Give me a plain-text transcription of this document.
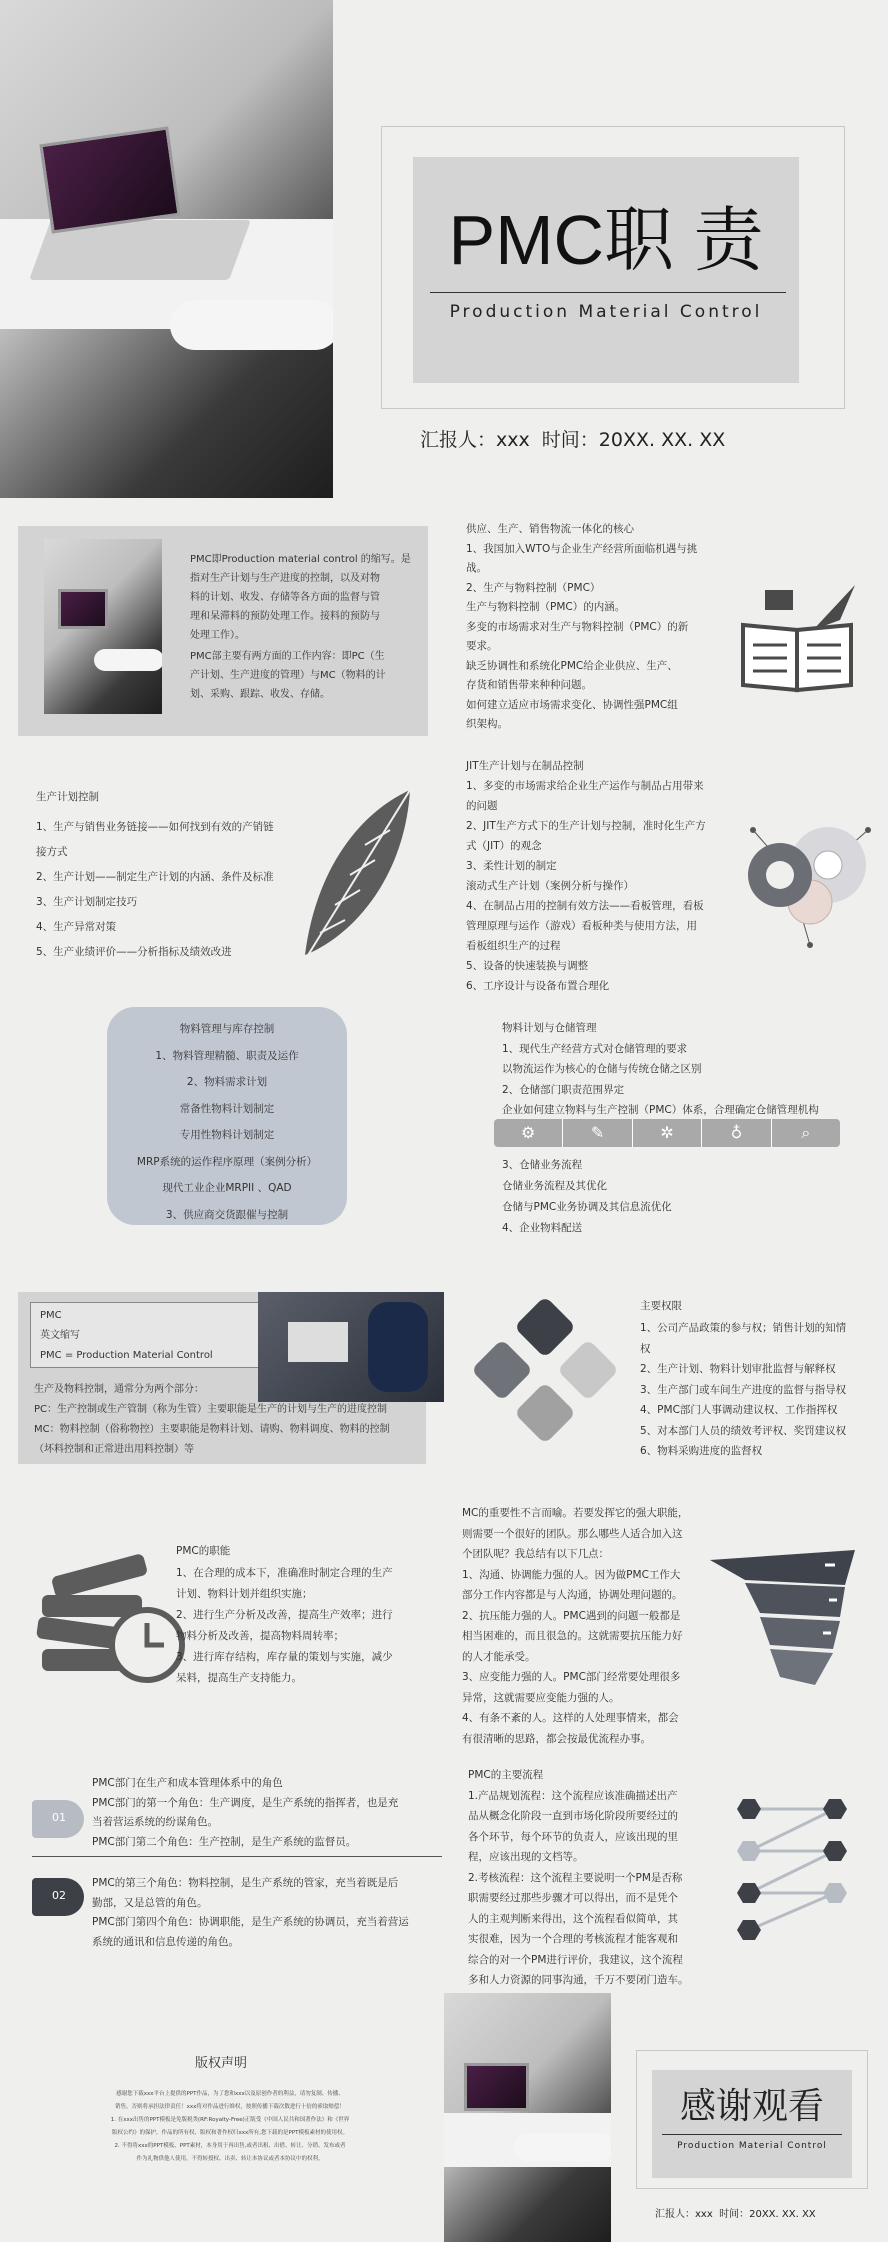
PMC职 责
Production Material Control
汇报人：xxx  时间：20XX. XX. XX

PMC即Production material control 的缩写。是

指对生产计划与生产进度的控制，以及对物

料的计划、收发、存储等各方面的监督与管

理和呆滞料的预防处理工作。接料的预防与

处理工作）。

PMC部主要有两方面的工作内容：即PC（生

产计划、生产进度的管理）与MC（物料的计

划、采购、跟踪、收发、存储。

供应、生产、销售物流一体化的核心

1、我国加入WTO与企业生产经营所面临机遇与挑

战。

2、生产与物料控制（PMC）

生产与物料控制（PMC）的内涵。

多变的市场需求对生产与物料控制（PMC）的新

要求。

缺乏协调性和系统化PMC给企业供应、生产、

存货和销售带来种种问题。

如何建立适应市场需求变化、协调性强PMC组

织架构。

生产计划控制

1、生产与销售业务链接——如何找到有效的产销链

接方式

2、生产计划——制定生产计划的内涵、条件及标准

3、生产计划制定技巧

4、生产异常对策

5、生产业绩评价——分析指标及绩效改进

JIT生产计划与在制品控制

1、多变的市场需求给企业生产运作与制品占用带来

的问题

2、JIT生产方式下的生产计划与控制，准时化生产方

式（JIT）的观念

3、柔性计划的制定

滚动式生产计划（案例分析与操作）

4、在制品占用的控制有效方法——看板管理，看板

管理原理与运作（游戏）看板种类与使用方法，用

看板组织生产的过程

5、设备的快速装换与调整

6、工序设计与设备布置合理化

物料管理与库存控制

1、物料管理精髓、职责及运作

2、物料需求计划

常备性物料计划制定

专用性物料计划制定

MRP系统的运作程序原理（案例分析）

现代工业企业MRPII 、QAD

3、供应商交货跟催与控制

物料计划与仓储管理

1、现代生产经营方式对仓储管理的要求

以物流运作为核心的仓储与传统仓储之区别

2、仓储部门职责范围界定

企业如何建立物料与生产控制（PMC）体系，合理确定仓储管理机构

⚙	✎	✲	♁	⌕

3、仓储业务流程

仓储业务流程及其优化

仓储与PMC业务协调及其信息流优化

4、企业物料配送

PMC

英文缩写

PMC = Production Material Control

生产及物料控制，通常分为两个部分：

PC：生产控制或生产管制（称为生管）主要职能是生产的计划与生产的进度控制

MC：物料控制（俗称物控）主要职能是物料计划、请购、物料调度、物料的控制

（坏料控制和正常进出用料控制）等

主要权限

1、公司产品政策的参与权；销售计划的知情

权

2、生产计划、物料计划审批监督与解释权

3、生产部门或车间生产进度的监督与指导权

4、PMC部门人事调动建议权、工作指挥权

5、对本部门人员的绩效考评权、奖罚建议权

6、物料采购进度的监督权

PMC的职能

1、在合理的成本下，准确准时制定合理的生产

计划、物料计划并组织实施；

2、进行生产分析及改善，提高生产效率；进行

物料分析及改善，提高物料周转率；

3、进行库存结构，库存量的策划与实施，减少

呆料，提高生产支持能力。

MC的重要性不言而喻。若要发挥它的强大职能，

则需要一个很好的团队。那么哪些人适合加入这

个团队呢？我总结有以下几点：

1、沟通、协调能力强的人。因为做PMC工作大

部分工作内容都是与人沟通，协调处理问题的。

2、抗压能力强的人。PMC遇到的问题一般都是

相当困难的，而且很急的。这就需要抗压能力好

的人才能承受。

3、应变能力强的人。PMC部门经常要处理很多

异常，这就需要应变能力强的人。

4、有条不紊的人。这样的人处理事情来，都会

有很清晰的思路，都会按最优流程办事。

01

PMC部门在生产和成本管理体系中的角色

PMC部门的第一个角色：生产调度，是生产系统的指挥者，也是充

当着营运系统的纷谋角色。

PMC部门第二个角色：生产控制，是生产系统的监督员。

02

PMC的第三个角色：物料控制，是生产系统的管家，充当着既是后

勤部，又是总管的角色。

PMC部门第四个角色：协调职能，是生产系统的协调员，充当着营运

系统的通讯和信息传递的角色。

PMC的主要流程

1.产品规划流程：这个流程应该准确描述出产

品从概念化阶段一直到市场化阶段所要经过的

各个环节，每个环节的负责人，应该出现的里

程，应该出现的文档等。

2.考核流程：这个流程主要说明一个PM是否称

职需要经过那些步骤才可以得出，而不是凭个

人的主观判断来得出，这个流程看似简单，其

实很难，因为一个合理的考核流程才能客观和

综合的对一个PM进行评价，我建议，这个流程

多和人力资源的同事沟通，千万不要闭门造车。

版权声明

感谢您下载xxx平台上提供的PPT作品，为了您和xxx以及原创作者的利益，请勿复制、传播、

销售，否则将承担法律责任！xxx将对作品进行维权，按照传播下载次数进行十倍的索取赔偿！

1. 在xxx出售的PPT模板是免版税类(RF:Royalty-Free)正版受《中国人民共和国著作法》和《世界

版权公约》的保护，作品的所有权、版权和著作权归xxx所有,您下载的是PPT模板素材的使用权。

2. 不得将xxx的PPT模板、PPT素材，本身用于再出售,或者出租、出借、转让、分销、发布或者

作为礼物供他人使用，不得转授权、出卖、转让本协议或者本协议中的权利。

感谢观看
Production Material Control
汇报人：xxx  时间：20XX. XX. XX
